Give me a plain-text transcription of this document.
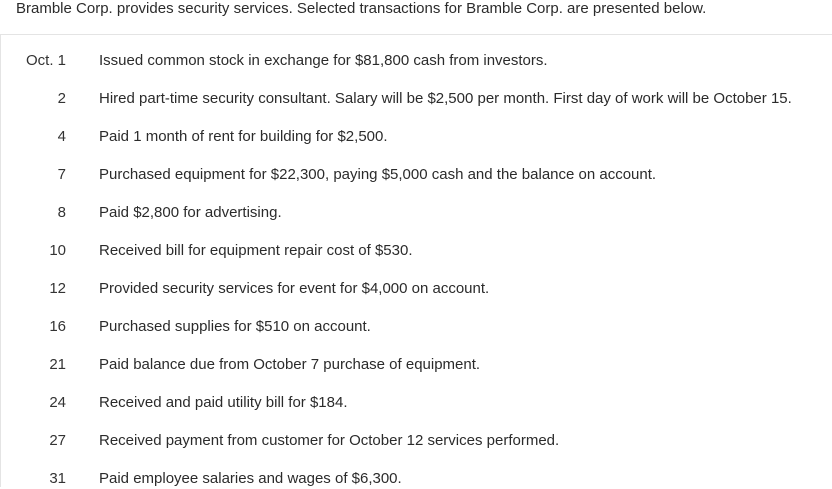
Bramble Corp. provides security services. Selected transactions for Bramble Corp. are presented below.
Oct. 1 Issued common stock in exchange for $81,800 cash from investors.
2 Hired part-time security consultant. Salary will be $2,500 per month. First day of work will be October 15.
4 Paid 1 month of rent for building for $2,500.
7 Purchased equipment for $22,300, paying $5,000 cash and the balance on account.
8 Paid $2,800 for advertising.
10 Received bill for equipment repair cost of $530.
12 Provided security services for event for $4,000 on account.
16 Purchased supplies for $510 on account.
21 Paid balance due from October 7 purchase of equipment.
24 Received and paid utility bill for $184.
27 Received payment from customer for October 12 services performed.
31 Paid employee salaries and wages of $6,300.
